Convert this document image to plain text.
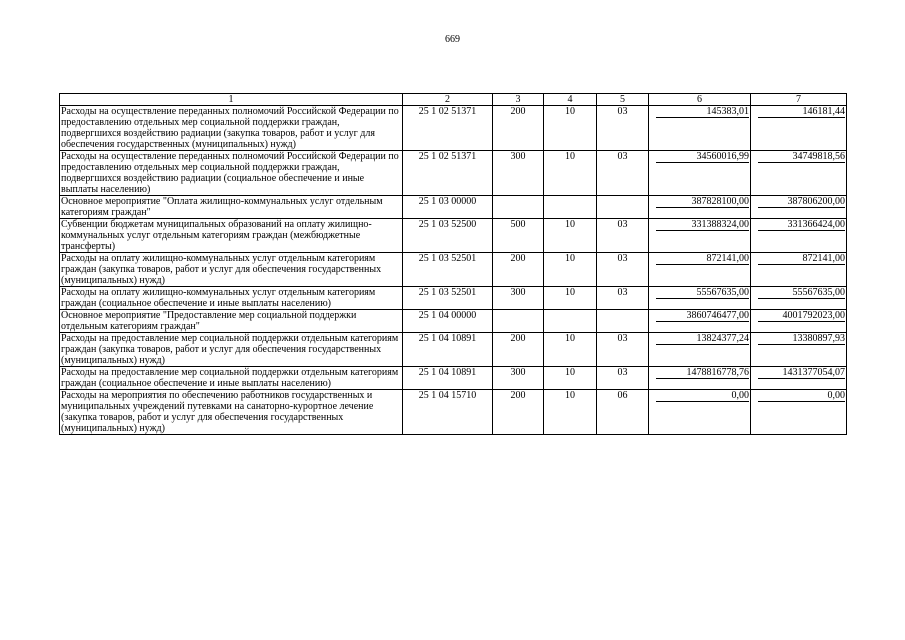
669
1	2	3	4	5	6	7
Расходы на осуществление переданных полномочий Российской Федерации по предоставлению отдельных мер социальной поддержки граждан, подвергшихся воздействию радиации (закупка товаров, работ и услуг для обеспечения государственных (муниципальных) нужд)	25 1 02 51371	200	10	03	145383,01	146181,44

Расходы на осуществление переданных полномочий Российской Федерации по предоставлению отдельных мер социальной поддержки граждан, подвергшихся воздействию радиации (социальное обеспечение и иные выплаты населению)	25 1 02 51371	300	10	03	34560016,99	34749818,56

Основное мероприятие "Оплата жилищно-коммунальных услуг отдельным категориям граждан"	25 1 03 00000				387828100,00	387806200,00

Субвенции бюджетам муниципальных образований на оплату жилищно-коммунальных услуг отдельным категориям граждан (межбюджетные трансферты)	25 1 03 52500	500	10	03	331388324,00	331366424,00

Расходы на оплату жилищно-коммунальных услуг отдельным категориям граждан (закупка товаров, работ и услуг для обеспечения государственных (муниципальных) нужд)	25 1 03 52501	200	10	03	872141,00	872141,00

Расходы на оплату жилищно-коммунальных услуг отдельным категориям граждан (социальное обеспечение и иные выплаты населению)	25 1 03 52501	300	10	03	55567635,00	55567635,00

Основное мероприятие "Предоставление мер социальной поддержки отдельным категориям граждан"	25 1 04 00000				3860746477,00	4001792023,00

Расходы на предоставление мер социальной поддержки отдельным категориям граждан (закупка товаров, работ и услуг для обеспечения государственных (муниципальных) нужд)	25 1 04 10891	200	10	03	13824377,24	13380897,93

Расходы на предоставление мер социальной поддержки отдельным категориям граждан (социальное обеспечение и иные выплаты населению)	25 1 04 10891	300	10	03	1478816778,76	1431377054,07

Расходы на мероприятия по обеспечению работников государственных и муниципальных учреждений путевками на санаторно-курортное лечение (закупка товаров, работ и услуг для обеспечения государственных (муниципальных) нужд)	25 1 04 15710	200	10	06	0,00	0,00
